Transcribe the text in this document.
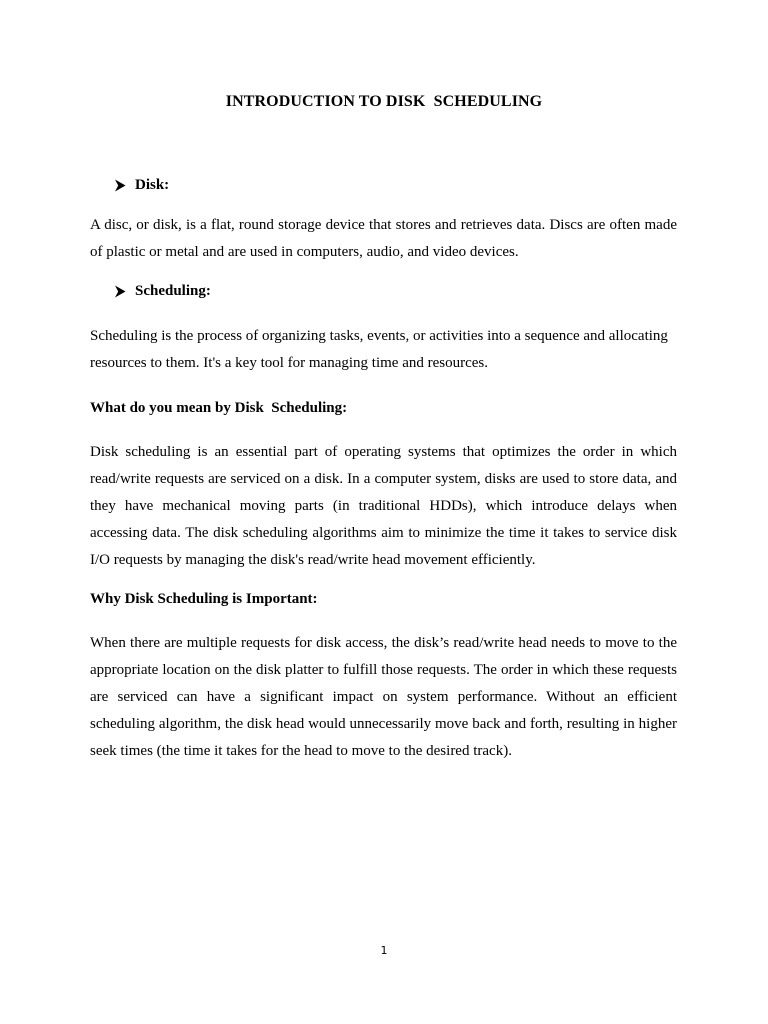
INTRODUCTION TO DISK  SCHEDULING
Disk:
A disc, or disk, is a flat, round storage device that stores and retrieves data. Discs are often made of plastic or metal and are used in computers, audio, and video devices.
Scheduling:
Scheduling is the process of organizing tasks, events, or activities into a sequence and allocating resources to them. It's a key tool for managing time and resources.
What do you mean by Disk  Scheduling:
Disk scheduling is an essential part of operating systems that optimizes the order in which read/write requests are serviced on a disk. In a computer system, disks are used to store data, and they have mechanical moving parts (in traditional HDDs), which introduce delays when accessing data. The disk scheduling algorithms aim to minimize the time it takes to service disk I/O requests by managing the disk's read/write head movement efficiently.
Why Disk Scheduling is Important:
When there are multiple requests for disk access, the disk’s read/write head needs to move to the appropriate location on the disk platter to fulfill those requests. The order in which these requests are serviced can have a significant impact on system performance. Without an efficient scheduling algorithm, the disk head would unnecessarily move back and forth, resulting in higher seek times (the time it takes for the head to move to the desired track).
1
